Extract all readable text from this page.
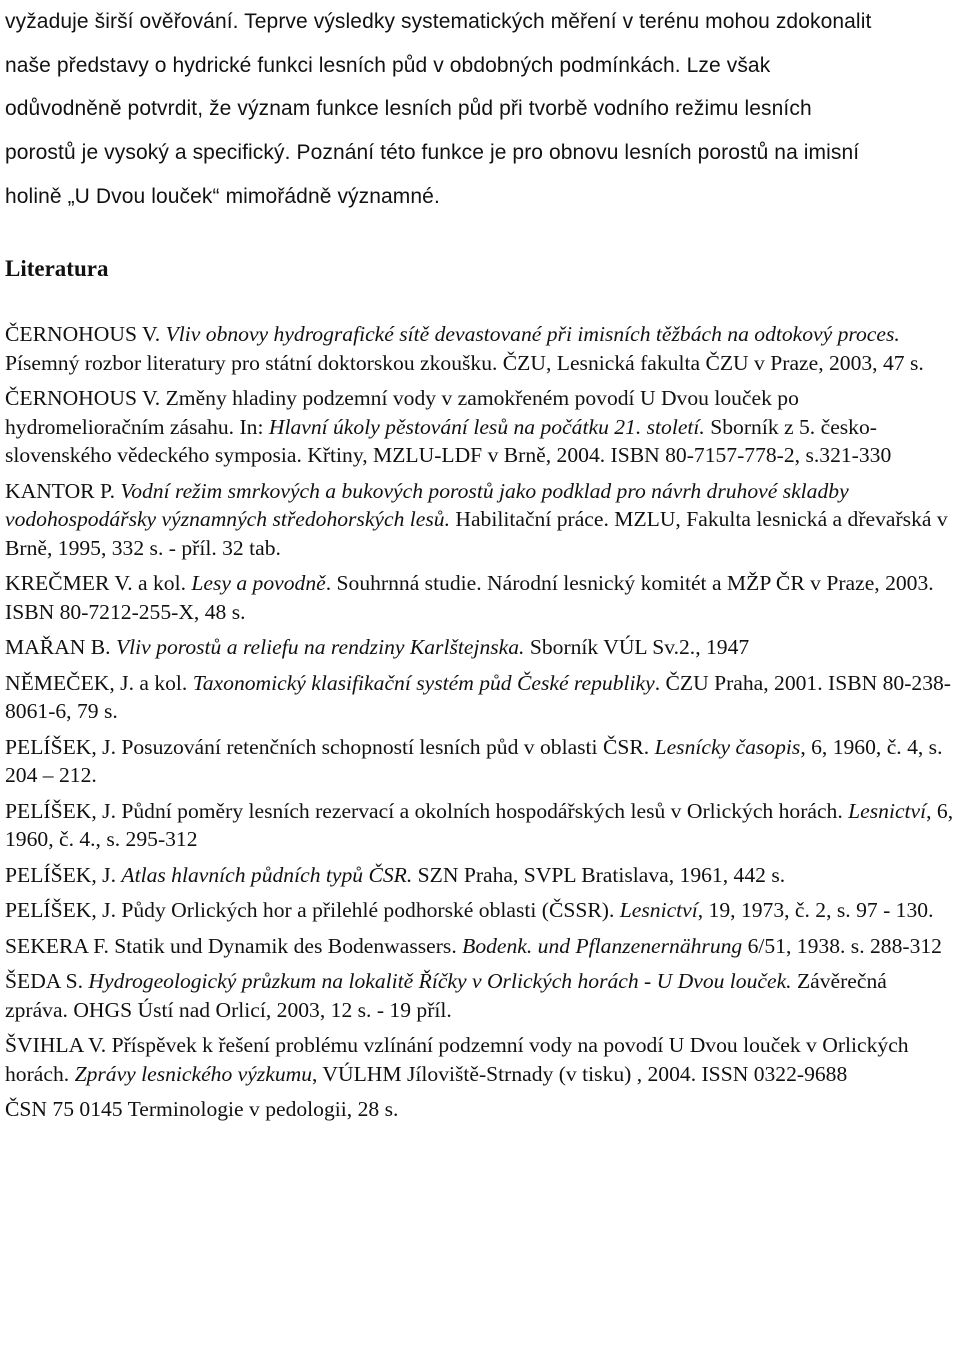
vyžaduje širší ověřování. Teprve výsledky systematických měření v terénu mohou zdokonalit
naše představy o hydrické funkci lesních půd v obdobných podmínkách. Lze však
odůvodněně potvrdit, že význam funkce lesních půd při tvorbě vodního režimu lesních
porostů je vysoký a specifický. Poznání této funkce je pro obnovu lesních porostů na imisní
holině „U Dvou louček“ mimořádně významné.
Literatura

ČERNOHOUS V. Vliv obnovy hydrografické sítě devastované při imisních těžbách na odtokový proces. Písemný rozbor literatury pro státní doktorskou zkoušku. ČZU, Lesnická fakulta ČZU v Praze, 2003, 47 s.

ČERNOHOUS V. Změny hladiny podzemní vody v zamokřeném povodí U Dvou louček po hydromelioračním zásahu. In: Hlavní úkoly pěstování lesů na počátku 21. století. Sborník z 5. česko-slovenského vědeckého symposia. Křtiny, MZLU-LDF v Brně, 2004. ISBN 80-7157-778-2, s.321-330

KANTOR P. Vodní režim smrkových a bukových porostů jako podklad pro návrh druhové skladby vodohospodářsky významných středohorských lesů. Habilitační práce. MZLU, Fakulta lesnická a dřevařská v Brně, 1995, 332 s. - příl. 32 tab.

KREČMER V. a kol. Lesy a povodně. Souhrnná studie. Národní lesnický komitét a MŽP ČR v Praze, 2003. ISBN 80-7212-255-X, 48 s.

MAŘAN B. Vliv porostů a reliefu na rendziny Karlštejnska. Sborník VÚL Sv.2., 1947

NĚMEČEK, J. a kol. Taxonomický klasifikační systém půd České republiky. ČZU Praha, 2001. ISBN 80-238-8061-6, 79 s.

PELÍŠEK, J. Posuzování retenčních schopností lesních půd v oblasti ČSR. Lesnícky časopis, 6, 1960, č. 4, s. 204 – 212.

PELÍŠEK, J. Půdní poměry lesních rezervací a okolních hospodářských lesů v Orlických horách. Lesnictví, 6, 1960, č. 4., s. 295-312

PELÍŠEK, J. Atlas hlavních půdních typů ČSR. SZN Praha, SVPL Bratislava, 1961, 442 s.

PELÍŠEK, J. Půdy Orlických hor a přilehlé podhorské oblasti (ČSSR). Lesnictví, 19, 1973, č. 2, s. 97 - 130.

SEKERA F. Statik und Dynamik des Bodenwassers. Bodenk. und Pflanzenernährung 6/51, 1938. s. 288-312

ŠEDA S. Hydrogeologický průzkum na lokalitě Říčky v Orlických horách - U Dvou louček. Závěrečná zpráva. OHGS Ústí nad Orlicí, 2003, 12 s. - 19 příl.

ŠVIHLA V. Příspěvek k řešení problému vzlínání podzemní vody na povodí U Dvou louček v Orlických horách. Zprávy lesnického výzkumu, VÚLHM Jíloviště-Strnady (v tisku) , 2004. ISSN 0322-9688

ČSN 75 0145 Terminologie v pedologii, 28 s.
